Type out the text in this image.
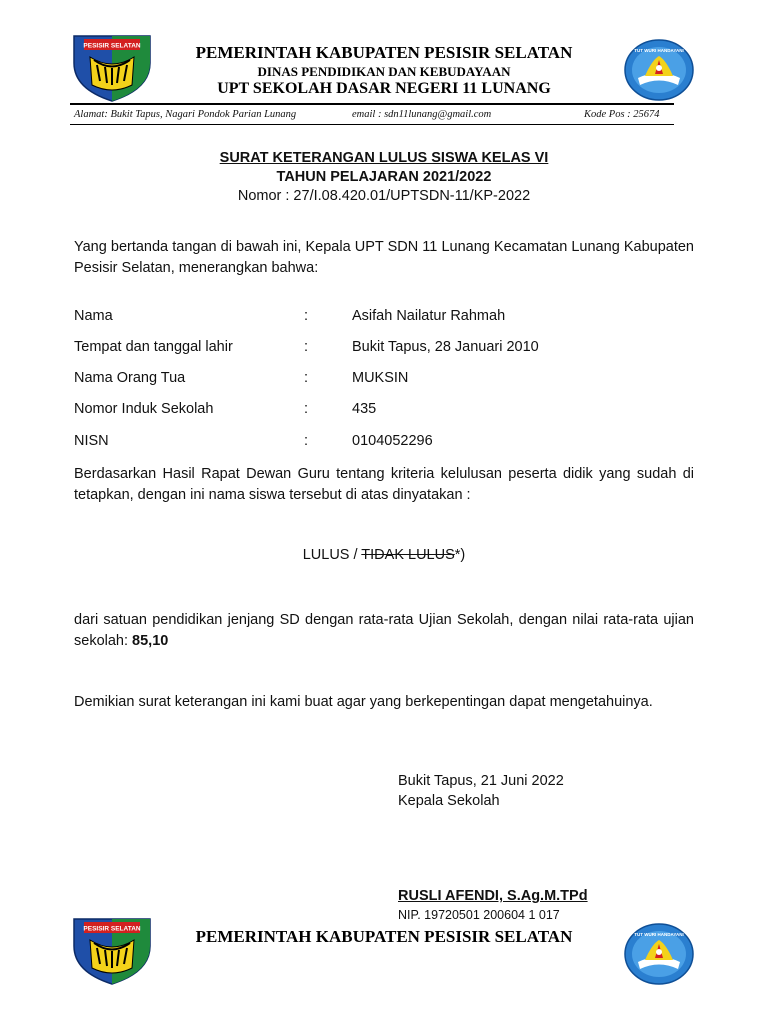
PESISIR SELATAN	PEMERINTAH KABUPATEN PESISIR SELATAN
DINAS PENDIDIKAN DAN KEBUDAYAAN
UPT SEKOLAH DASAR NEGERI 11 LUNANG
TUT WURI HANDAYANI
Alamat: Bukit Tapus, Nagari Pondok Parian Lunang	email : sdn11lunang@gmail.com	Kode Pos : 25674
SURAT KETERANGAN LULUS SISWA KELAS VI
TAHUN PELAJARAN 2021/2022
Nomor : 27/I.08.420.01/UPTSDN-11/KP-2022
Yang bertanda tangan di bawah ini, Kepala UPT SDN 11 Lunang Kecamatan Lunang Kabupaten Pesisir Selatan, menerangkan bahwa:
Nama	:	Asifah Nailatur Rahmah
Tempat dan tanggal lahir	:	Bukit Tapus, 28 Januari 2010
Nama Orang Tua	:	MUKSIN
Nomor Induk Sekolah	:	435
NISN	:	0104052296
Berdasarkan Hasil Rapat Dewan Guru tentang kriteria kelulusan peserta didik yang sudah di tetapkan, dengan ini nama siswa tersebut di atas dinyatakan :
LULUS / TIDAK LULUS*)
dari satuan pendidikan jenjang SD dengan rata-rata Ujian Sekolah, dengan nilai rata-rata ujian sekolah: 85,10
Demikian surat keterangan ini kami buat agar yang berkepentingan dapat mengetahuinya.
Bukit Tapus, 21 Juni 2022
Kepala Sekolah
RUSLI AFENDI, S.Ag.M.TPd
NIP. 19720501 200604 1 017
PESISIR SELATAN	PEMERINTAH KABUPATEN PESISIR SELATAN	TUT WURI HANDAYANI
